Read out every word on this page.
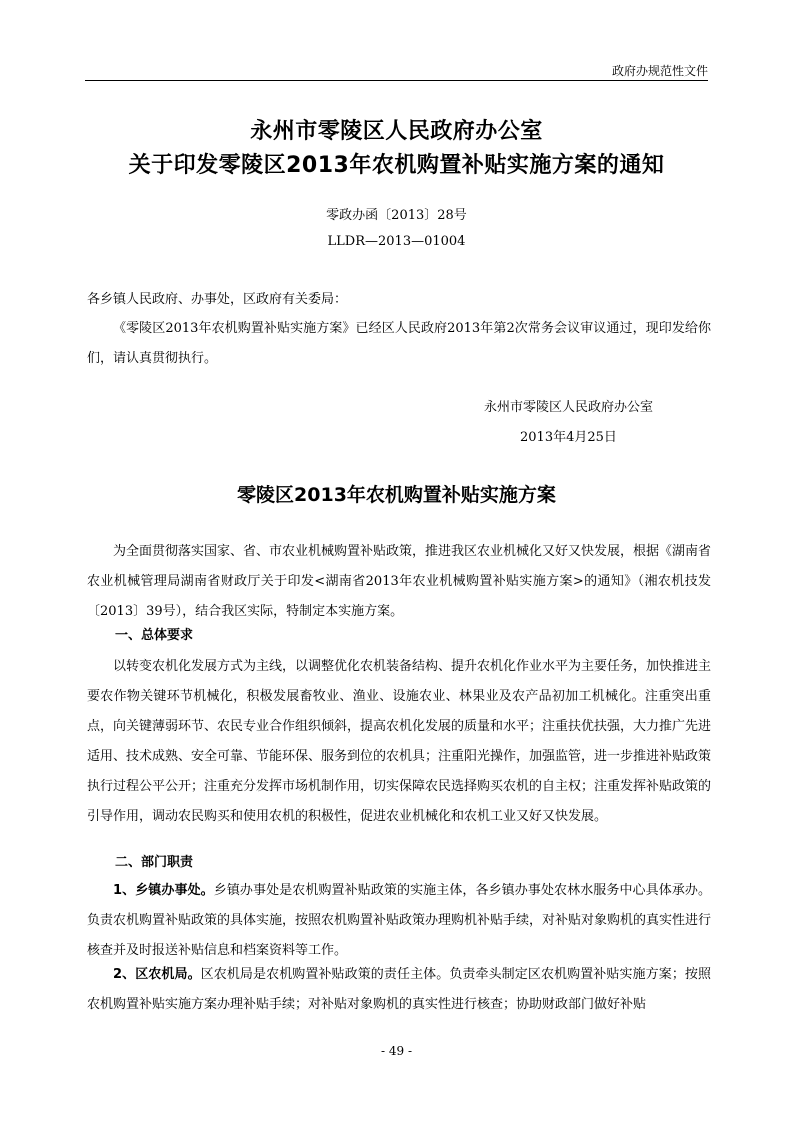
政府办规范性文件
永州市零陵区人民政府办公室
关于印发零陵区2013年农机购置补贴实施方案的通知
零政办函〔2013〕28号
LLDR—2013—01004

各乡镇人民政府、办事处，区政府有关委局：

《零陵区2013年农机购置补贴实施方案》已经区人民政府2013年第2次常务会议审议通过，现印发给你们，请认真贯彻执行。

永州市零陵区人民政府办公室
2013年4月25日
零陵区2013年农机购置补贴实施方案

为全面贯彻落实国家、省、市农业机械购置补贴政策，推进我区农业机械化又好又快发展，根据《湖南省农业机械管理局湖南省财政厅关于印发<湖南省2013年农业机械购置补贴实施方案>的通知》（湘农机技发〔2013〕39号），结合我区实际，特制定本实施方案。

一、总体要求

以转变农机化发展方式为主线，以调整优化农机装备结构、提升农机化作业水平为主要任务，加快推进主要农作物关键环节机械化，积极发展畜牧业、渔业、设施农业、林果业及农产品初加工机械化。注重突出重点，向关键薄弱环节、农民专业合作组织倾斜，提高农机化发展的质量和水平；注重扶优扶强，大力推广先进适用、技术成熟、安全可靠、节能环保、服务到位的农机具；注重阳光操作，加强监管，进一步推进补贴政策执行过程公平公开；注重充分发挥市场机制作用，切实保障农民选择购买农机的自主权；注重发挥补贴政策的引导作用，调动农民购买和使用农机的积极性，促进农业机械化和农机工业又好又快发展。

二、部门职责

1、乡镇办事处。乡镇办事处是农机购置补贴政策的实施主体，各乡镇办事处农林水服务中心具体承办。负责农机购置补贴政策的具体实施，按照农机购置补贴政策办理购机补贴手续，对补贴对象购机的真实性进行核查并及时报送补贴信息和档案资料等工作。

2、区农机局。区农机局是农机购置补贴政策的责任主体。负责牵头制定区农机购置补贴实施方案；按照农机购置补贴实施方案办理补贴手续；对补贴对象购机的真实性进行核查；协助财政部门做好补贴

- 49 -
